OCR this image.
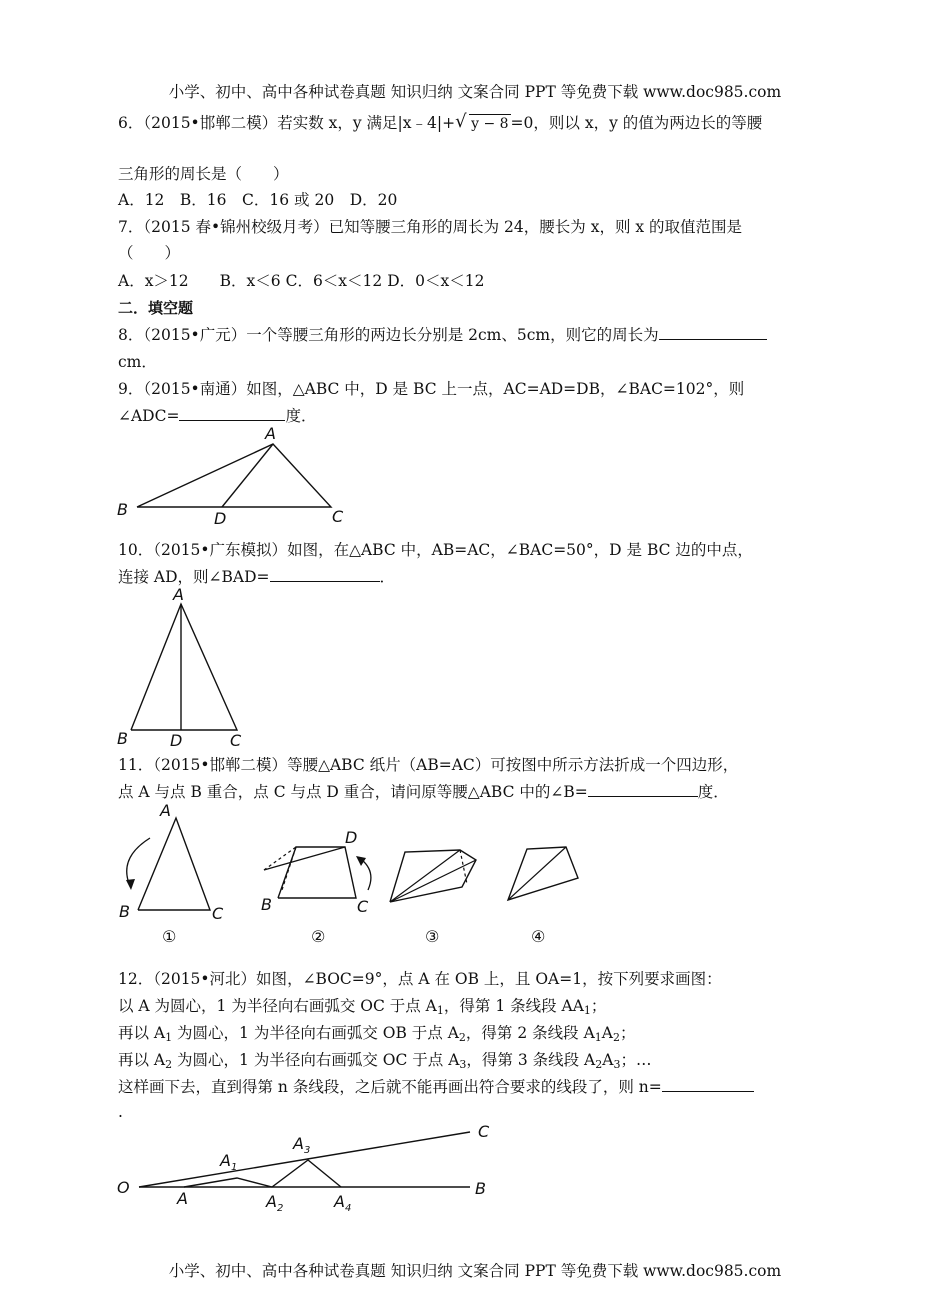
小学、初中、高中各种试卷真题 知识归纳 文案合同 PPT 等免费下载 www.doc985.com
6．（2015•邯郸二模）若实数 x，y 满足|x﹣4|+ √ y − 8 =0，则以 x，y 的值为两边长的等腰
三角形的周长是（　　）
A．12　B．16　C．16 或 20　D．20
7．（2015 春•锦州校级月考）已知等腰三角形的周长为 24，腰长为 x，则 x 的取值范围是
（　　）
A．x＞12　　B．x＜6 C．6＜x＜12 D．0＜x＜12
二．填空题
8．（2015•广元）一个等腰三角形的两边长分别是 2cm、5cm，则它的周长为
cm．
9．（2015•南通）如图，△ABC 中，D 是 BC 上一点，AC=AD=DB，∠BAC=102°，则
∠ADC=	度．
A
B	D	C
10．（2015•广东模拟）如图，在△ABC 中，AB=AC，∠BAC=50°，D 是 BC 边的中点，
连接 AD，则∠BAD=	．
A
B	D	C
11．（2015•邯郸二模）等腰△ABC 纸片（AB=AC）可按图中所示方法折成一个四边形，
点 A 与点 B 重合，点 C 与点 D 重合，请问原等腰△ABC 中的∠B=	度．
A
B	C
①
D
B	C
②	③	④
12．（2015•河北）如图，∠BOC=9°，点 A 在 OB 上，且 OA=1，按下列要求画图：
以 A 为圆心，1 为半径向右画弧交 OC 于点 $A_1$，得第 1 条线段 $AA_1$；
再以 $A_1$ 为圆心，1 为半径向右画弧交 OB 于点 $A_2$，得第 2 条线段 $A_1A_2$；
再以 $A_2$ 为圆心，1 为半径向右画弧交 OC 于点 $A_3$，得第 3 条线段 $A_2A_3$；…
这样画下去，直到得第 n 条线段，之后就不能再画出符合要求的线段了，则 n=
.
O
A
B
C
$A_1$
$A_2$
$A_3$
$A_4$
小学、初中、高中各种试卷真题 知识归纳 文案合同 PPT 等免费下载 www.doc985.com
